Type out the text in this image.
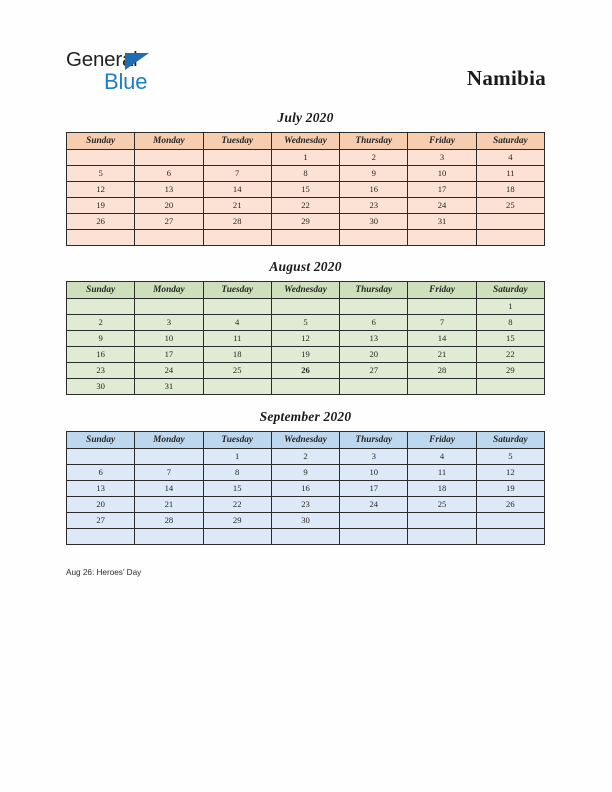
General
Blue	Namibia
July 2020
Sunday	Monday	Tuesday	Wednesday	Thursday	Friday	Saturday
			1	2	3	4
5	6	7	8	9	10	11
12	13	14	15	16	17	18
19	20	21	22	23	24	25
26	27	28	29	30	31	

August 2020
Sunday	Monday	Tuesday	Wednesday	Thursday	Friday	Saturday
						1
2	3	4	5	6	7	8
9	10	11	12	13	14	15
16	17	18	19	20	21	22
23	24	25	26	27	28	29
30	31					
September 2020
Sunday	Monday	Tuesday	Wednesday	Thursday	Friday	Saturday
		1	2	3	4	5
6	7	8	9	10	11	12
13	14	15	16	17	18	19
20	21	22	23	24	25	26
27	28	29	30			

Aug 26: Heroes’ Day
